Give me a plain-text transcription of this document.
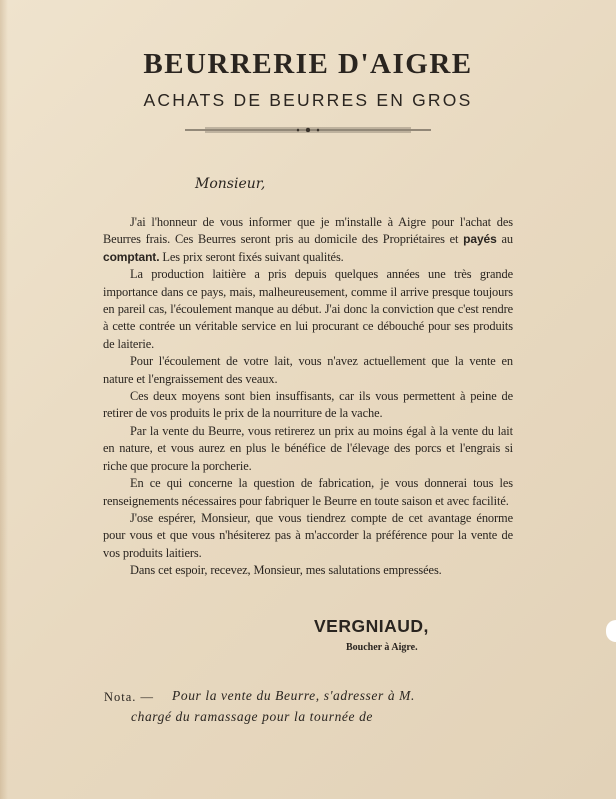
BEURRERIE D'AIGRE
ACHATS DE BEURRES EN GROS
Monsieur,

J'ai l'honneur de vous informer que je m'installe à Aigre pour l'achat des Beurres frais. Ces Beurres seront pris au domicile des Propriétaires et payés au comptant. Les prix seront fixés suivant qualités.

La production laitière a pris depuis quelques années une très grande importance dans ce pays, mais, malheureusement, comme il arrive presque toujours en pareil cas, l'écoulement manque au début. J'ai donc la conviction que c'est rendre à cette contrée un véritable service en lui procurant ce débouché pour ses produits de laiterie.

Pour l'écoulement de votre lait, vous n'avez actuellement que la vente en nature et l'engraissement des veaux.

Ces deux moyens sont bien insuffisants, car ils vous permettent à peine de retirer de vos produits le prix de la nourriture de la vache.

Par la vente du Beurre, vous retirerez un prix au moins égal à la vente du lait en nature, et vous aurez en plus le bénéfice de l'élevage des porcs et l'engrais si riche que procure la porcherie.

En ce qui concerne la question de fabrication, je vous donnerai tous les renseignements nécessaires pour fabriquer le Beurre en toute saison et avec facilité.

J'ose espérer, Monsieur, que vous tiendrez compte de cet avantage énorme pour vous et que vous n'hésiterez pas à m'accorder la préférence pour la vente de vos produits laitiers.

Dans cet espoir, recevez, Monsieur, mes salutations empressées.

VERGNIAUD,
Boucher à Aigre.
Nota. — Pour la vente du Beurre, s'adresser à M.
chargé du ramassage pour la tournée de
